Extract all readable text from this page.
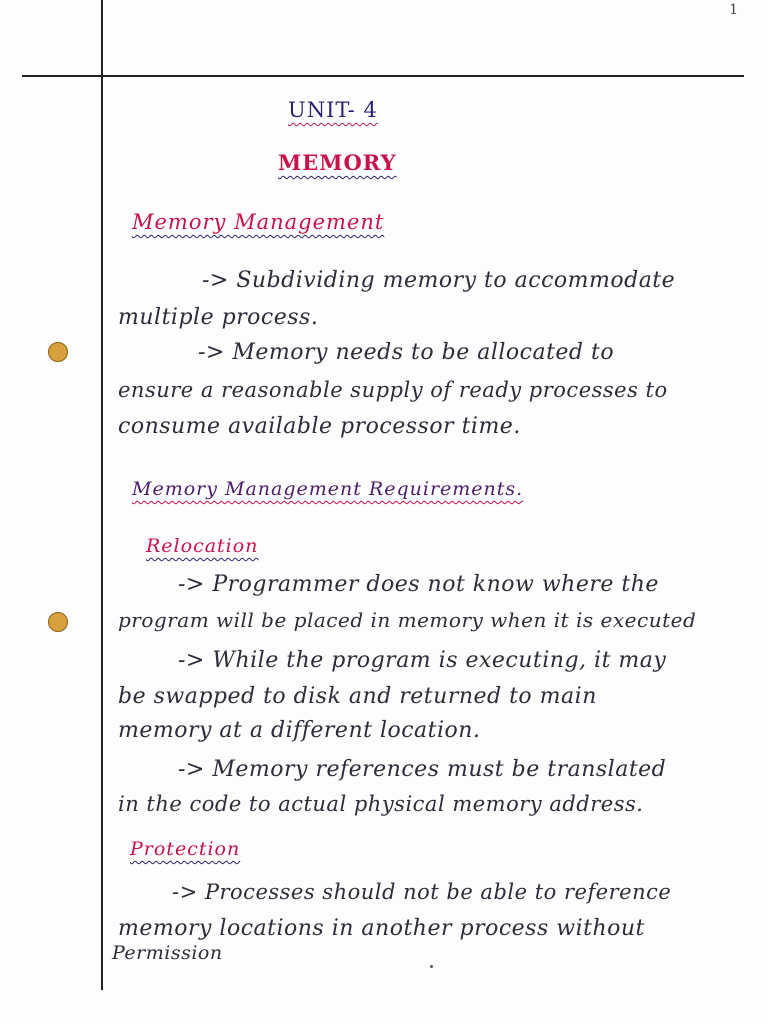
1
UNIT- 4
MEMORY
Memory Management
-> Subdividing memory to accommodate
multiple process.
-> Memory needs to be allocated to
ensure a reasonable supply of ready processes to
consume available processor time.
Memory Management Requirements.
Relocation
-> Programmer does not know where the
program will be placed in memory when it is executed
-> While the program is executing, it may
be swapped to disk and returned to main
memory at a different location.
-> Memory references must be translated
in the code to actual physical memory address.
Protection
-> Processes should not be able to reference
memory locations in another process without
Permission
